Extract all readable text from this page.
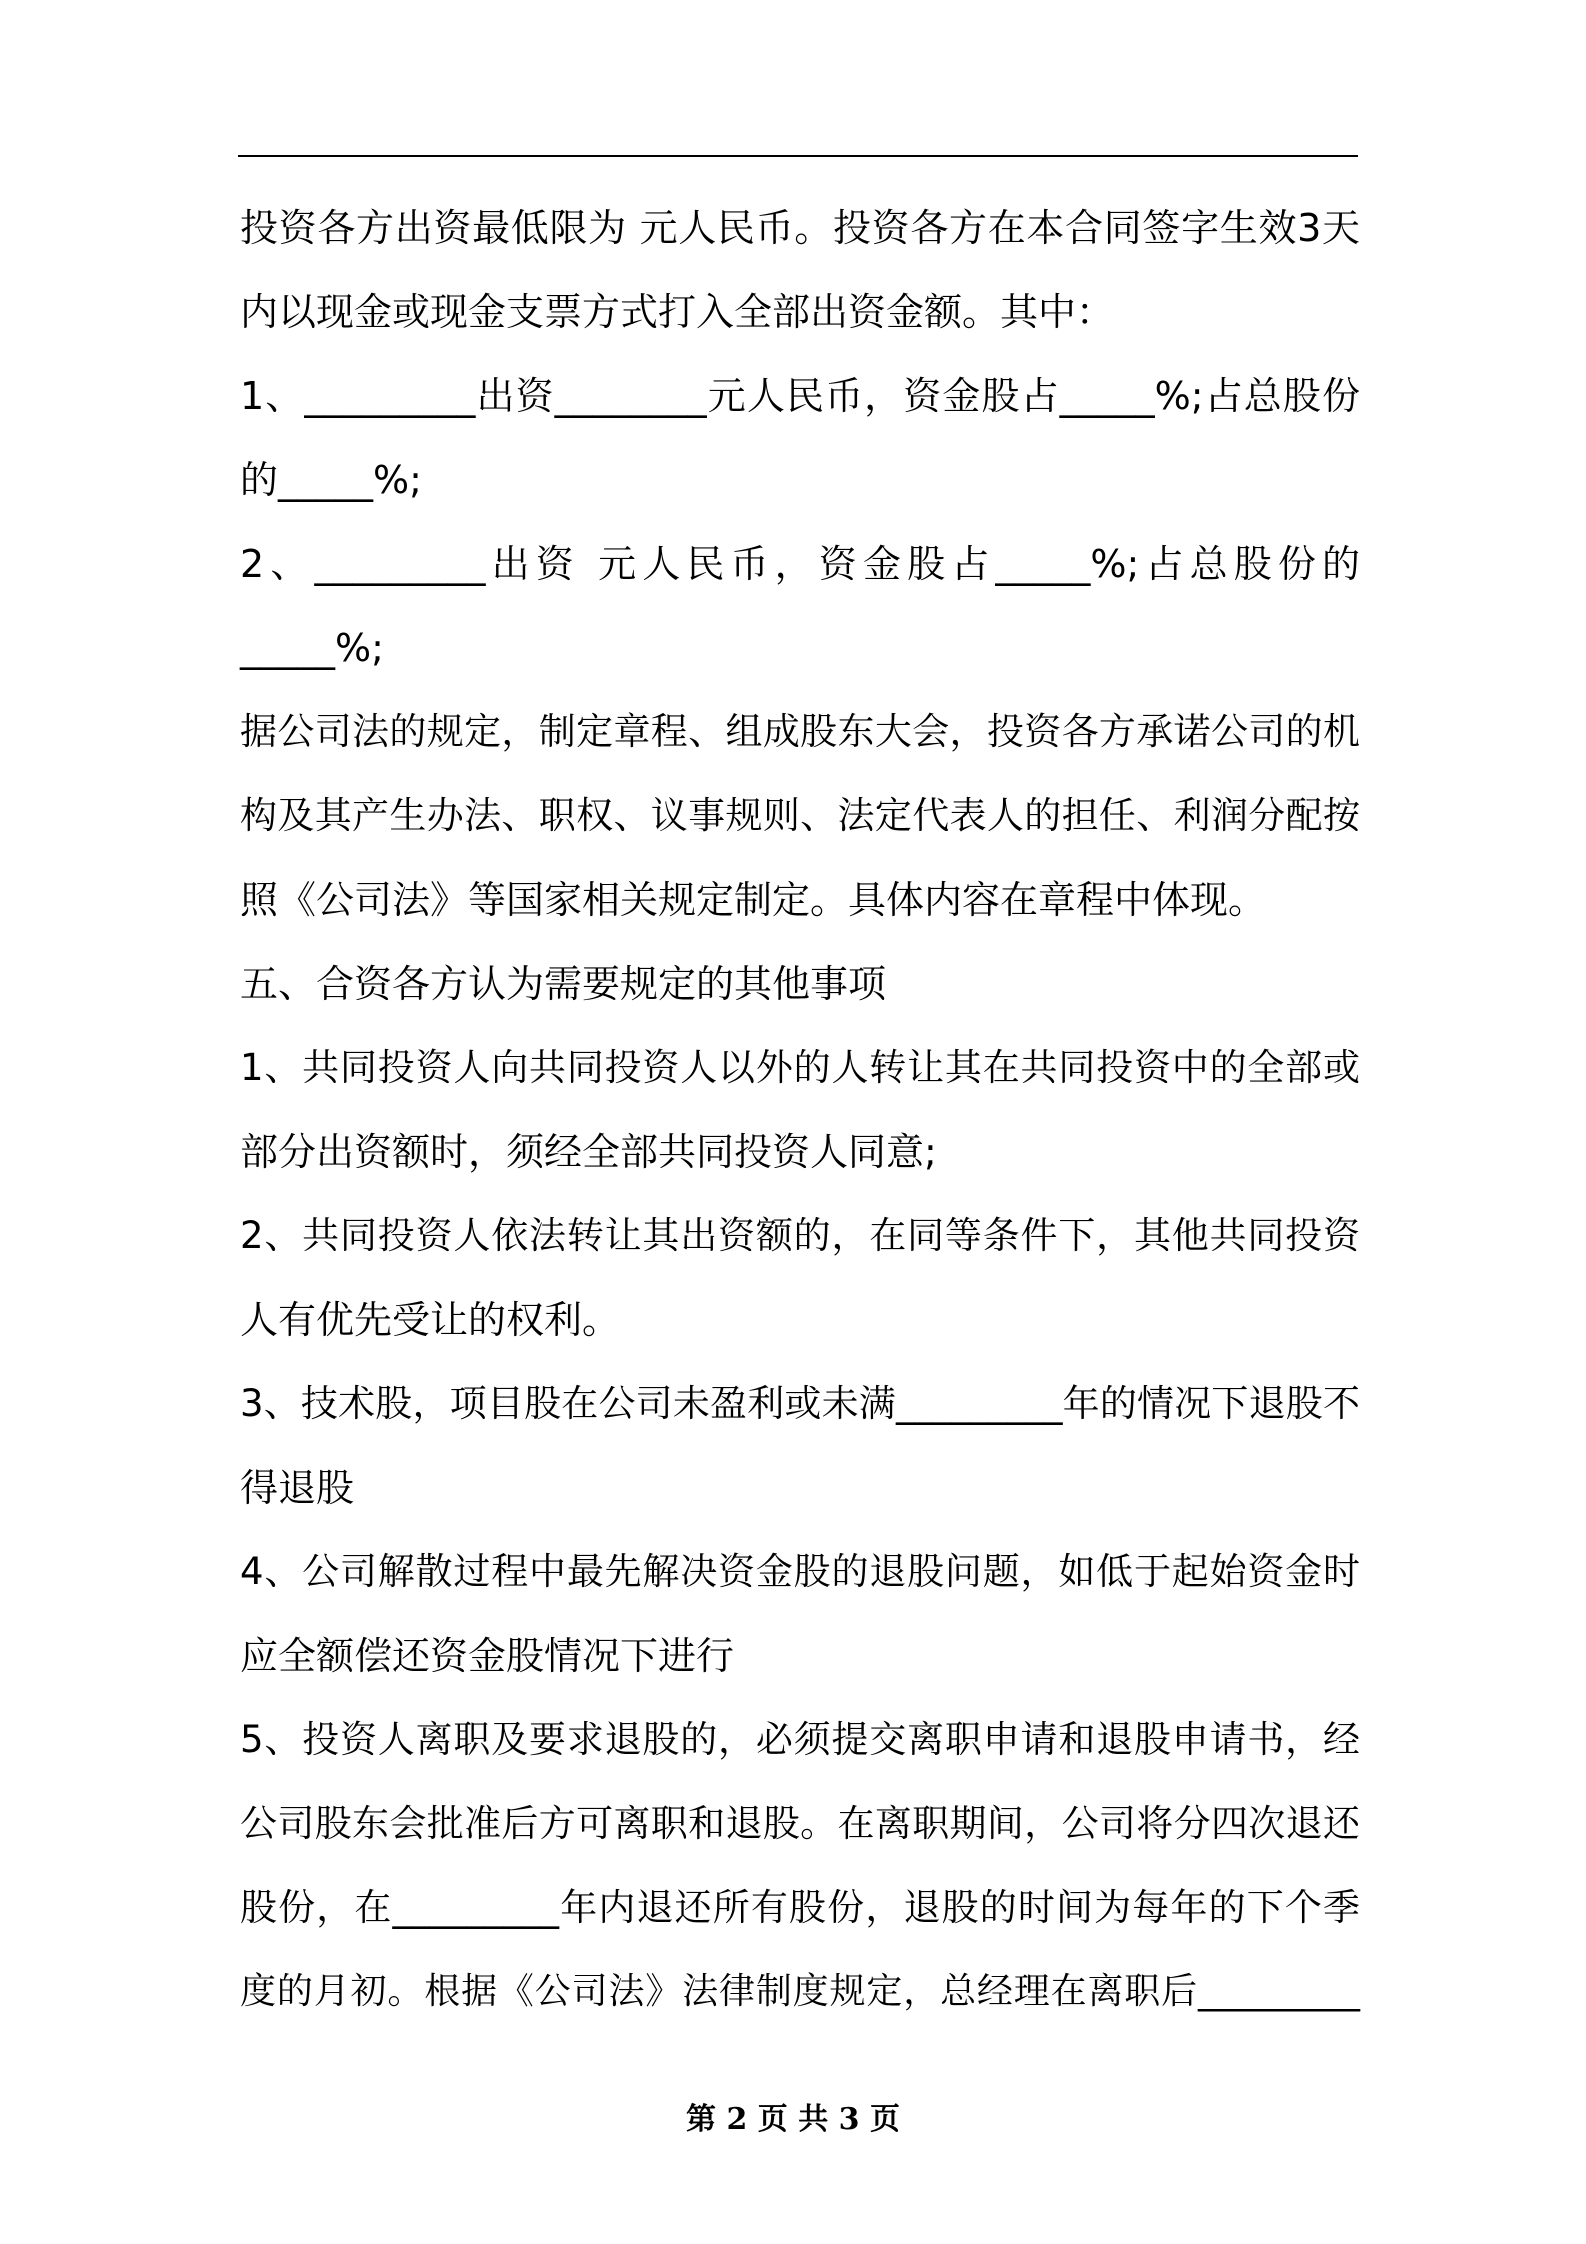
投资各方出资最低限为 元人民币。投资各方在本合同签字生效3天
内以现金或现金支票方式打入全部出资金额。其中：
1、_________出资________元人民币，资金股占_____%;占总股份
的_____%;
2、_________出资 元人民币，资金股占_____%;占总股份的
_____%;
据公司法的规定，制定章程、组成股东大会，投资各方承诺公司的机
构及其产生办法、职权、议事规则、法定代表人的担任、利润分配按
照《公司法》等国家相关规定制定。具体内容在章程中体现。
五、合资各方认为需要规定的其他事项
1、共同投资人向共同投资人以外的人转让其在共同投资中的全部或
部分出资额时，须经全部共同投资人同意;
2、共同投资人依法转让其出资额的，在同等条件下，其他共同投资
人有优先受让的权利。
3、技术股，项目股在公司未盈利或未满_________年的情况下退股不
得退股
4、公司解散过程中最先解决资金股的退股问题，如低于起始资金时
应全额偿还资金股情况下进行
5、投资人离职及要求退股的，必须提交离职申请和退股申请书，经
公司股东会批准后方可离职和退股。在离职期间，公司将分四次退还
股份，在_________年内退还所有股份，退股的时间为每年的下个季
度的月初。根据《公司法》法律制度规定，总经理在离职后_________
第 2 页 共 3 页
